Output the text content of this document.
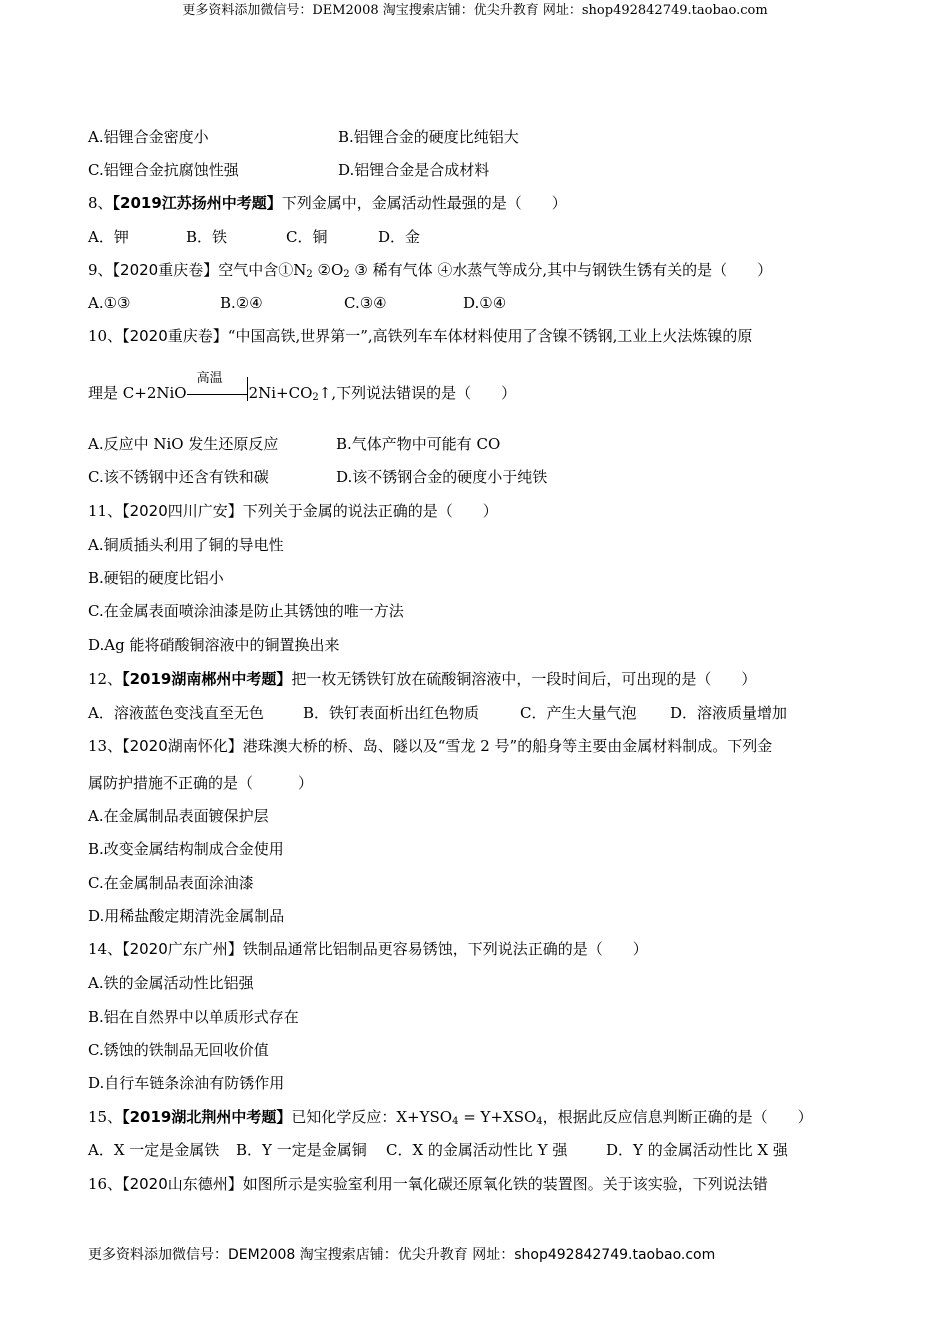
更多资料添加微信号：DEM2008 淘宝搜索店铺：优尖升教育 网址：shop492842749.taobao.com
A.铝锂合金密度小	B.铝锂合金的硬度比纯铝大
C.铝锂合金抗腐蚀性强	D.铝锂合金是合成材料
8、【2019江苏扬州中考题】下列金属中，金属活动性最强的是（　　）
A．钾	B．铁	C．铜	D．金
9、【2020重庆卷】空气中含$①N_2$ $②O_2$ ③ 稀有气体 ④水蒸气等成分,其中与钢铁生锈有关的是（　　）
A.①③	B.②④	C.③④	D.①④
10、【2020重庆卷】“中国高铁,世界第一”,高铁列车车体材料使用了含镍不锈钢,工业上火法炼镍的原
理是 C+2NiO
高温
$2Ni+CO_2↑$,下列说法错误的是（　　）
A.反应中 NiO 发生还原反应	B.气体产物中可能有 CO
C.该不锈钢中还含有铁和碳	D.该不锈钢合金的硬度小于纯铁
11、【2020四川广安】下列关于金属的说法正确的是（　　）
A.铜质插头利用了铜的导电性
B.硬铝的硬度比铝小
C.在金属表面喷涂油漆是防止其锈蚀的唯一方法
D.Ag 能将硝酸铜溶液中的铜置换出来
12、【2019湖南郴州中考题】把一枚无锈铁钉放在硫酸铜溶液中，一段时间后，可出现的是（　　）
A．溶液蓝色变浅直至无色	B．铁钉表面析出红色物质	C．产生大量气泡 D．溶液质量增加
13、【2020湖南怀化】港珠澳大桥的桥、岛、隧以及“雪龙 2 号”的船身等主要由金属材料制成。下列金
属防护措施不正确的是（　　　）
A.在金属制品表面镀保护层
B.改变金属结构制成合金使用
C.在金属制品表面涂油漆
D.用稀盐酸定期清洗金属制品
14、【2020广东广州】铁制品通常比铝制品更容易锈蚀，下列说法正确的是（　　）
A.铁的金属活动性比铝强
B.铝在自然界中以单质形式存在
C.锈蚀的铁制品无回收价值
D.自行车链条涂油有防锈作用
15、【2019湖北荆州中考题】已知化学反应：$X+YSO_4 = Y+XSO_4$，根据此反应信息判断正确的是（　　）
A．X 一定是金属铁 B．Y 一定是金属铜 C．X 的金属活动性比 Y 强	D．Y 的金属活动性比 X 强
16、【2020山东德州】如图所示是实验室利用一氧化碳还原氧化铁的装置图。关于该实验，下列说法错
更多资料添加微信号：DEM2008 淘宝搜索店铺：优尖升教育 网址：shop492842749.taobao.com
